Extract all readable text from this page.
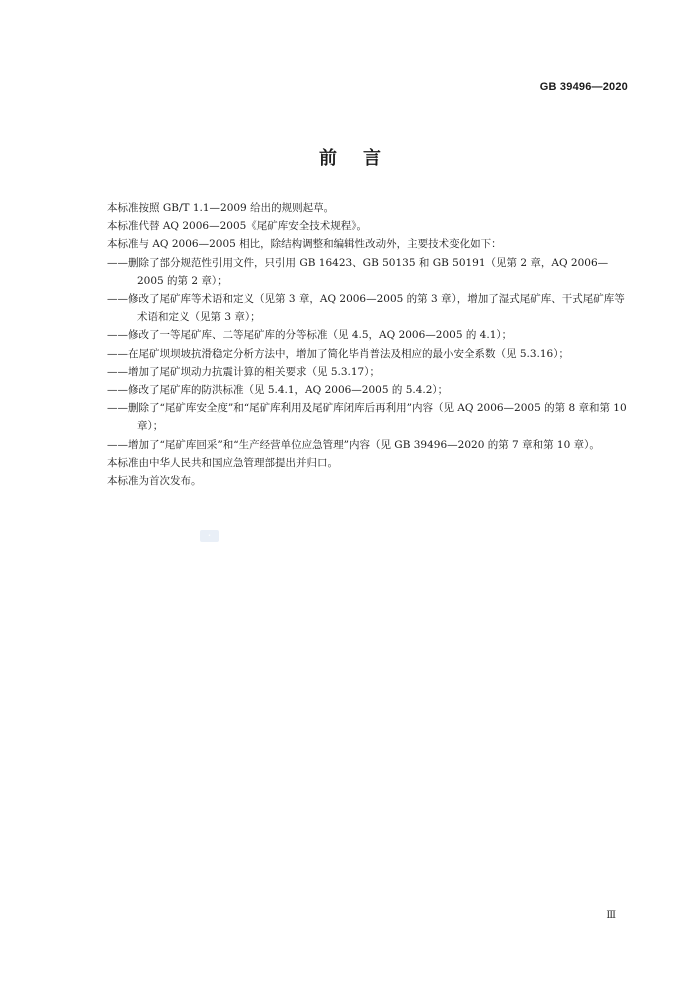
GB 39496—2020
前言

本标准按照 GB/T 1.1—2009 给出的规则起草。

本标准代替 AQ 2006—2005《尾矿库安全技术规程》。

本标准与 AQ 2006—2005 相比，除结构调整和编辑性改动外，主要技术变化如下：

——删除了部分规范性引用文件，只引用 GB 16423、GB 50135 和 GB 50191（见第 2 章，AQ 2006—2005 的第 2 章）；

——修改了尾矿库等术语和定义（见第 3 章，AQ 2006—2005 的第 3 章），增加了湿式尾矿库、干式尾矿库等术语和定义（见第 3 章）；

——修改了一等尾矿库、二等尾矿库的分等标准（见 4.5，AQ 2006—2005 的 4.1）；

——在尾矿坝坝坡抗滑稳定分析方法中，增加了简化毕肖普法及相应的最小安全系数（见 5.3.16）；

——增加了尾矿坝动力抗震计算的相关要求（见 5.3.17）；

——修改了尾矿库的防洪标准（见 5.4.1，AQ 2006—2005 的 5.4.2）；

——删除了“尾矿库安全度”和“尾矿库利用及尾矿库闭库后再利用”内容（见 AQ 2006—2005 的第 8 章和第 10 章）；

——增加了“尾矿库回采”和“生产经营单位应急管理”内容（见 GB 39496—2020 的第 7 章和第 10 章）。

本标准由中华人民共和国应急管理部提出并归口。

本标准为首次发布。

•
Ⅲ
